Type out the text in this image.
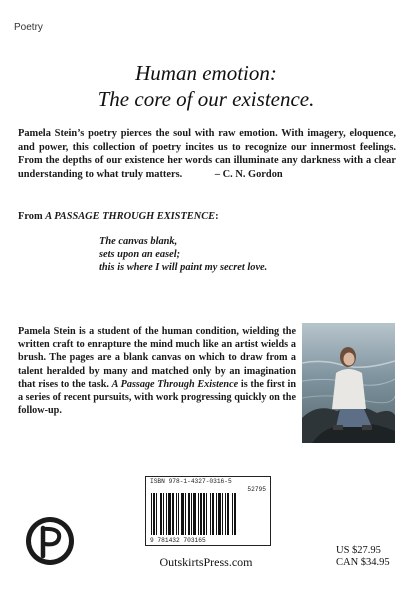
Poetry
Human emotion:
The core of our existence.
Pamela Stein’s poetry pierces the soul with raw emotion. With imagery, eloquence, and power, this collection of poetry incites us to recognize our innermost feelings. From the depths of our existence her words can illuminate any darkness with a clear understanding to what truly matters.	– C. N. Gordon
From A PASSAGE THROUGH EXISTENCE:
The canvas blank,
sets upon an easel;
this is where I will paint my secret love.
Pamela Stein is a student of the human condition, wielding the written craft to enrapture the mind much like an artist wields a brush. The pages are a blank canvas on which to draw from a talent heralded by many and matched only by an imagination that rises to the task. A Passage Through Existence is the first in a series of recent pursuits, with work progressing quickly on the follow-up.
ISBN 978-1-4327-0316-5
52795
9 781432 703165
OutskirtsPress.com
US $27.95
CAN $34.95
